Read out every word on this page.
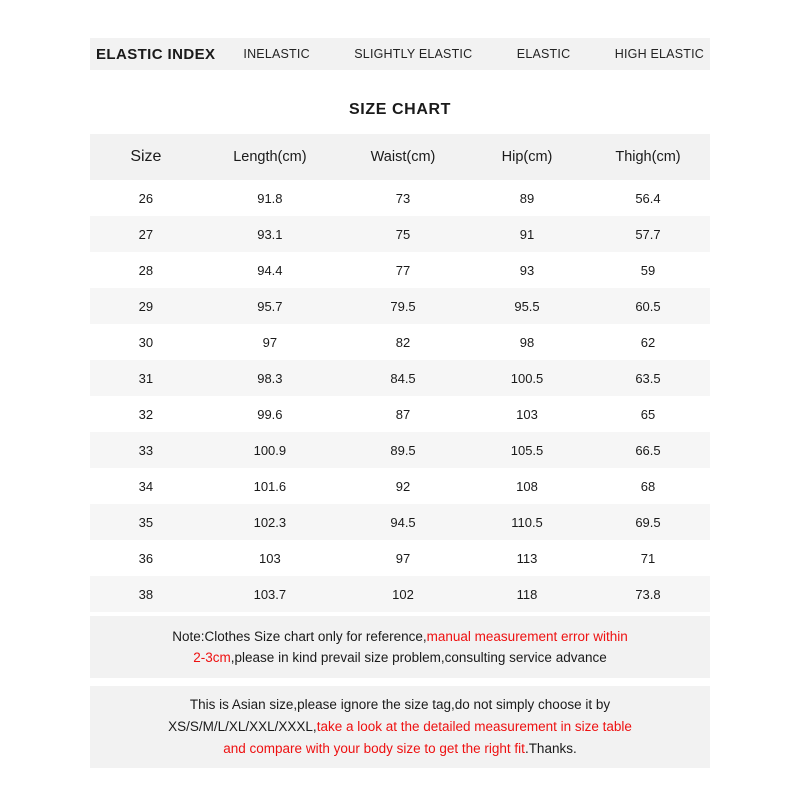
ELASTIC INDEX INELASTIC	SLIGHTLY ELASTIC	ELASTIC	HIGH ELASTIC
SIZE CHART
Size	Length(cm)	Waist(cm)	Hip(cm)	Thigh(cm)
26	91.8	73	89	56.4
27	93.1	75	91	57.7
28	94.4	77	93	59
29	95.7	79.5	95.5	60.5
30	97	82	98	62
31	98.3	84.5	100.5	63.5
32	99.6	87	103	65
33	100.9	89.5	105.5	66.5
34	101.6	92	108	68
35	102.3	94.5	110.5	69.5
36	103	97	113	71
38	103.7	102	118	73.8
Note:Clothes Size chart only for reference,manual measurement error within
2-3cm,please in kind prevail size problem,consulting service advance
This is Asian size,please ignore the size tag,do not simply choose it by
XS/S/M/L/XL/XXL/XXXL,take a look at the detailed measurement in size table
and compare with your body size to get the right fit.Thanks.
